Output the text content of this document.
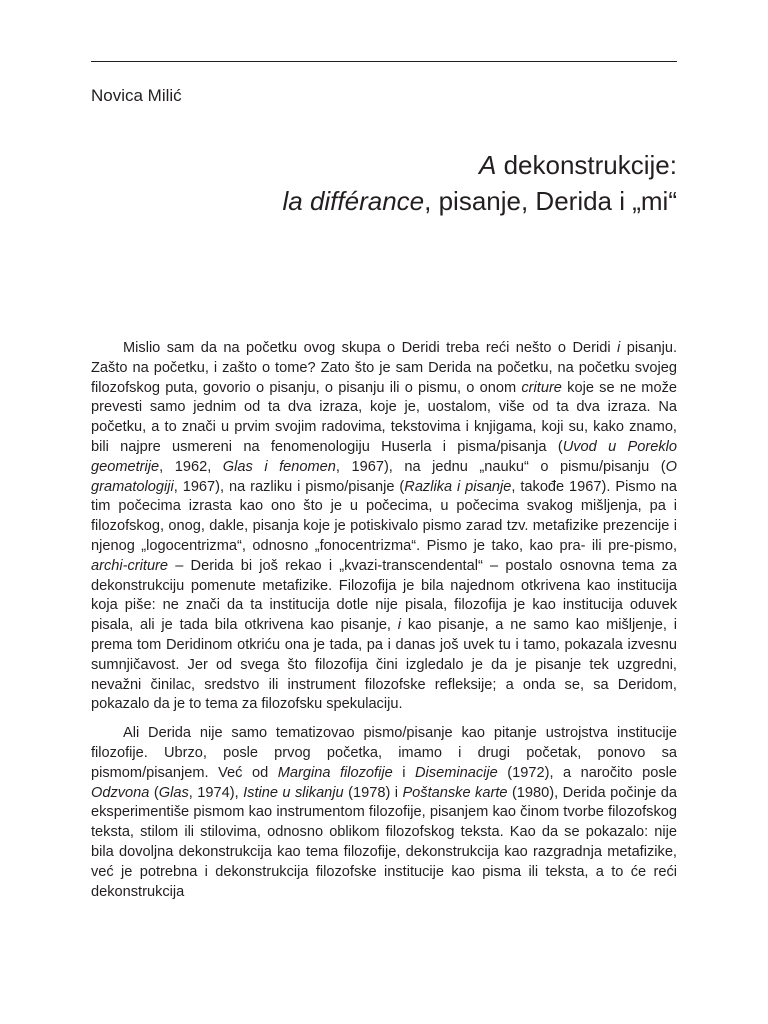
Novica Milić

A dekonstrukcije:
la différance, pisanje, Derida i „mi“

Mislio sam da na početku ovog skupa o Deridi treba reći nešto o Deridi i pisanju. Zašto na početku, i zašto o tome? Zato što je sam Derida na početku, na početku svojeg filozofskog puta, govorio o pisanju, o pisanju ili o pismu, o onom criture koje se ne može prevesti samo jednim od ta dva izraza, koje je, uostalom, više od ta dva izraza. Na početku, a to znači u prvim svojim radovima, tekstovima i knjigama, koji su, kako znamo, bili najpre usmereni na fenomenologiju Huserla i pisma/pisanja (Uvod u Poreklo geometrije, 1962, Glas i fenomen, 1967), na jednu „nauku“ o pismu/pisanju (O gramatologiji, 1967), na razliku i pismo/pisanje (Razlika i pisanje, takođe 1967). Pismo na tim počecima izrasta kao ono što je u počecima, u počecima svakog mišljenja, pa i filozofskog, onog, dakle, pisanja koje je potiskivalo pismo zarad tzv. metafizike prezencije i njenog „logocentrizma“, odnosno „fonocentrizma“. Pismo je tako, kao pra- ili pre-pismo, archi-criture – Derida bi još rekao i „kvazi-transcendental“ – postalo osnovna tema za dekonstrukciju pomenute metafizike. Filozofija je bila najednom otkrivena kao institucija koja piše: ne znači da ta institucija dotle nije pisala, filozofija je kao institucija oduvek pisala, ali je tada bila otkrivena kao pisanje, i kao pisanje, a ne samo kao mišljenje, i prema tom Deridinom otkriću ona je tada, pa i danas još uvek tu i tamo, pokazala izvesnu sumnjičavost. Jer od svega što filozofija čini izgledalo je da je pisanje tek uzgredni, nevažni činilac, sredstvo ili instrument filozofske refleksije; a onda se, sa Deridom, pokazalo da je to tema za filozofsku spekulaciju.

Ali Derida nije samo tematizovao pismo/pisanje kao pitanje ustrojstva institucije filozofije. Ubrzo, posle prvog početka, imamo i drugi početak, ponovo sa pismom/pisanjem. Već od Margina filozofije i Diseminacije (1972), a naročito posle Odzvona (Glas, 1974), Istine u slikanju (1978) i Poštanske karte (1980), Derida počinje da eksperimentiše pismom kao instrumentom filozofije, pisanjem kao činom tvorbe filozofskog teksta, stilom ili stilovima, odnosno oblikom filozofskog teksta. Kao da se pokazalo: nije bila dovoljna dekonstrukcija kao tema filozofije, dekonstrukcija kao razgradnja metafizike, već je potrebna i dekonstrukcija filozofske institucije kao pisma ili teksta, a to će reći dekonstrukcija
